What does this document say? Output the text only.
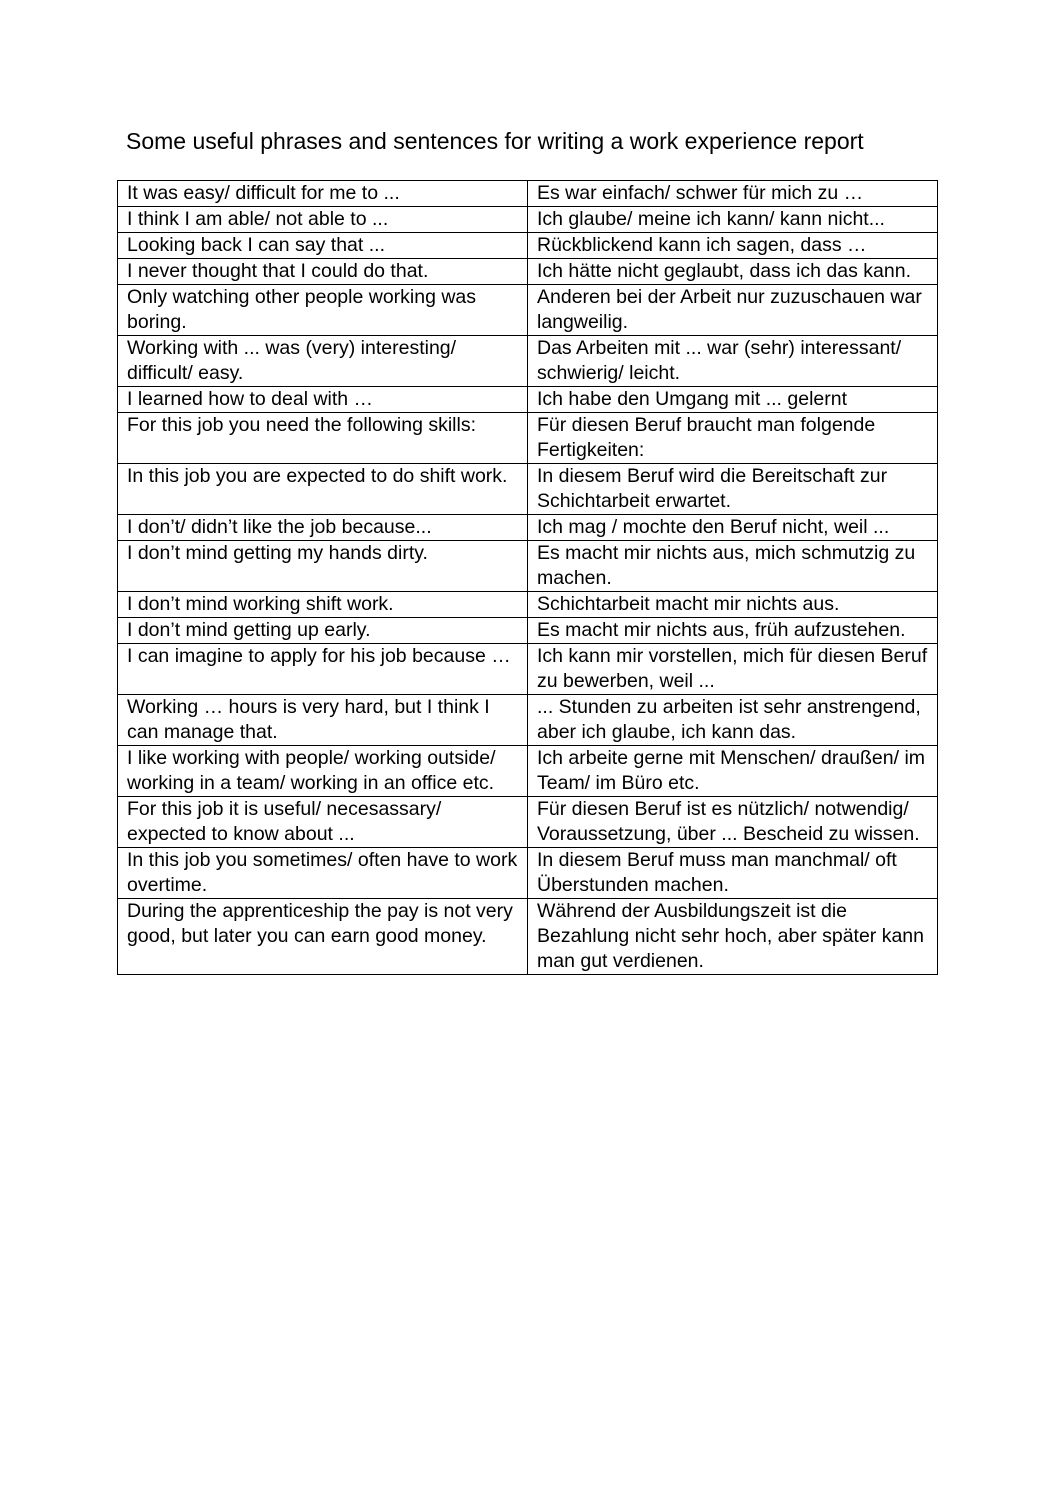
Some useful phrases and sentences for writing a work experience report
It was easy/ difficult for me to ...	Es war einfach/ schwer für mich zu …
I think I am able/ not able to ...	Ich glaube/ meine ich kann/ kann nicht...
Looking back I can say that ...	Rückblickend kann ich sagen, dass …
I never thought that I could do that.	Ich hätte nicht geglaubt, dass ich das kann.
Only watching other people working was boring.	Anderen bei der Arbeit nur zuzuschauen war langweilig.
Working with ... was (very) interesting/ difficult/ easy.	Das Arbeiten mit ... war (sehr) interessant/ schwierig/ leicht.
I learned how to deal with …	Ich habe den Umgang mit ... gelernt
For this job you need the following skills:	Für diesen Beruf braucht man folgende Fertigkeiten:
In this job you are expected to do shift work.	In diesem Beruf wird die Bereitschaft zur Schichtarbeit erwartet.
I don’t/ didn’t like the job because...	Ich mag / mochte den Beruf nicht, weil ...
I don’t mind getting my hands dirty.	Es macht mir nichts aus, mich schmutzig zu machen.
I don’t mind working shift work.	Schichtarbeit macht mir nichts aus.
I don’t mind getting up early.	Es macht mir nichts aus, früh aufzustehen.
I can imagine to apply for his job because …	Ich kann mir vorstellen, mich für diesen Beruf zu bewerben, weil ...
Working … hours is very hard, but I think I can manage that.	... Stunden zu arbeiten ist sehr anstrengend, aber ich glaube, ich kann das.
I like working with people/ working outside/ working in a team/ working in an office etc.	Ich arbeite gerne mit Menschen/ draußen/ im Team/ im Büro etc.
For this job it is useful/ necesassary/ expected to know about ...	Für diesen Beruf ist es nützlich/ notwendig/ Voraussetzung, über ... Bescheid zu wissen.
In this job you sometimes/ often have to work overtime.	In diesem Beruf muss man manchmal/ oft Überstunden machen.
During the apprenticeship the pay is not very good, but later you can earn good money.	Während der Ausbildungszeit ist die Bezahlung nicht sehr hoch, aber später kann man gut verdienen.
